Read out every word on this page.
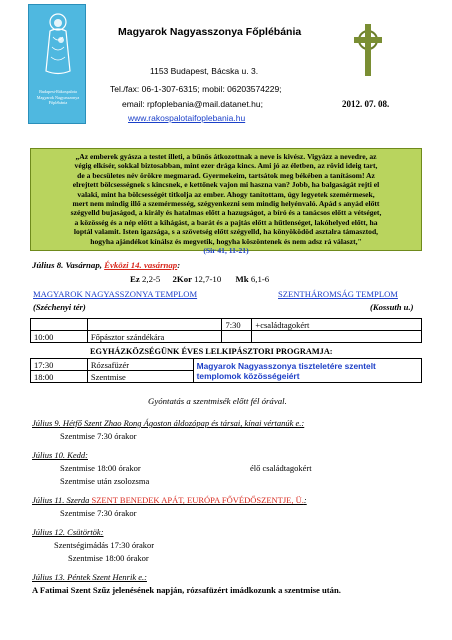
Budapest-Rákospalota
Magyarok Nagyasszonya
Főplébánia
Magyarok Nagyasszonya Főplébánia
1153 Budapest, Bácska u. 3.
Tel./fax: 06-1-307-6315; mobil: 06203574229;
email: rpfoplebania@mail.datanet.hu;
www.rakospalotaifoplebania.hu
2012. 07. 08.
„Az emberek gyásza a testet illeti, a bűnös átkozottnak a neve is kivész. Vigyázz a nevedre, az
végig elkísér, sokkal biztosabban, mint ezer drága kincs. Ami jó az életben, az rövid ideig tart,
de a becsületes név örökre megmarad. Gyermekeim, tartsátok meg békében a tanításom! Az
elrejtett bölcsességnek s kincsnek, e kettőnek vajon mi hasznа van? Jobb, ha balgaságát rejti el
valaki, mint ha bölcsességét titkolja az ember. Ahogy tanítottam, úgy legyetek szemérmesek,
mert nem mindig illő a szemérmesség, szégyenkezni sem mindig helyénvaló. Apád s anyád előtt
szégyelld bujaságod, a király és hatalmas előtt a hazugságot, a bíró és a tanácsos előtt a vétséget,
a közösség és a nép előtt a kihágást, a barát és a pajtás előtt a hűtlenséget, lakóhelyed előtt, ha
loptál valamit. Isten igazsága, s a szövetség előtt szégyelld, ha könyöködöd asztalra támasztod,
hogyha ajándékot kínálsz és megvetik, hogyha köszöntenek és nem adsz rá választ,"
(Sir 41, 11-21)
Július 8. Vasárnap, Évközi 14. vasárnap:
Ez 2,2-5 2Kor 12,7-10 Mk 6,1-6
MAGYAROK NAGYASSZONYA TEMPLOM
(Széchenyi tér)
SZENTHÁROMSÁG TEMPLOM
(Kossuth u.)
		7:30	+családtagokért
10:00	Főpásztor szándékára		
EGYHÁZKÖZSÉGÜNK ÉVES LELKIPÁSZTORI PROGRAMJA:
17:30	Rózsafüzér	Magyarok Nagyasszonya tiszteletére szentelt templomok közösségeiért
18:00	Szentmise	
Gyóntatás a szentmisék előtt fél órával.
Július 9. Hétfő Szent Zhao Rong Ágoston áldozópap és társai, kínai vértanúk e.:
Szentmise 7:30 órakor
Július 10. Kedd:
Szentmise 18:00 órakor	élő családtagokért
Szentmise után zsolozsma
Július 11. Szerda SZENT BENEDEK APÁT, EURÓPA FŐVÉDŐSZENTJE, Ü.:
Szentmise 7:30 órakor
Július 12. Csütörtök:
Szentségimádás 17:30 órakor
Szentmise 18:00 órakor
Július 13. Péntek Szent Henrik e.:
A Fatimai Szent Szűz jelenésének napján, rózsafüzért imádkozunk a szentmise után.
